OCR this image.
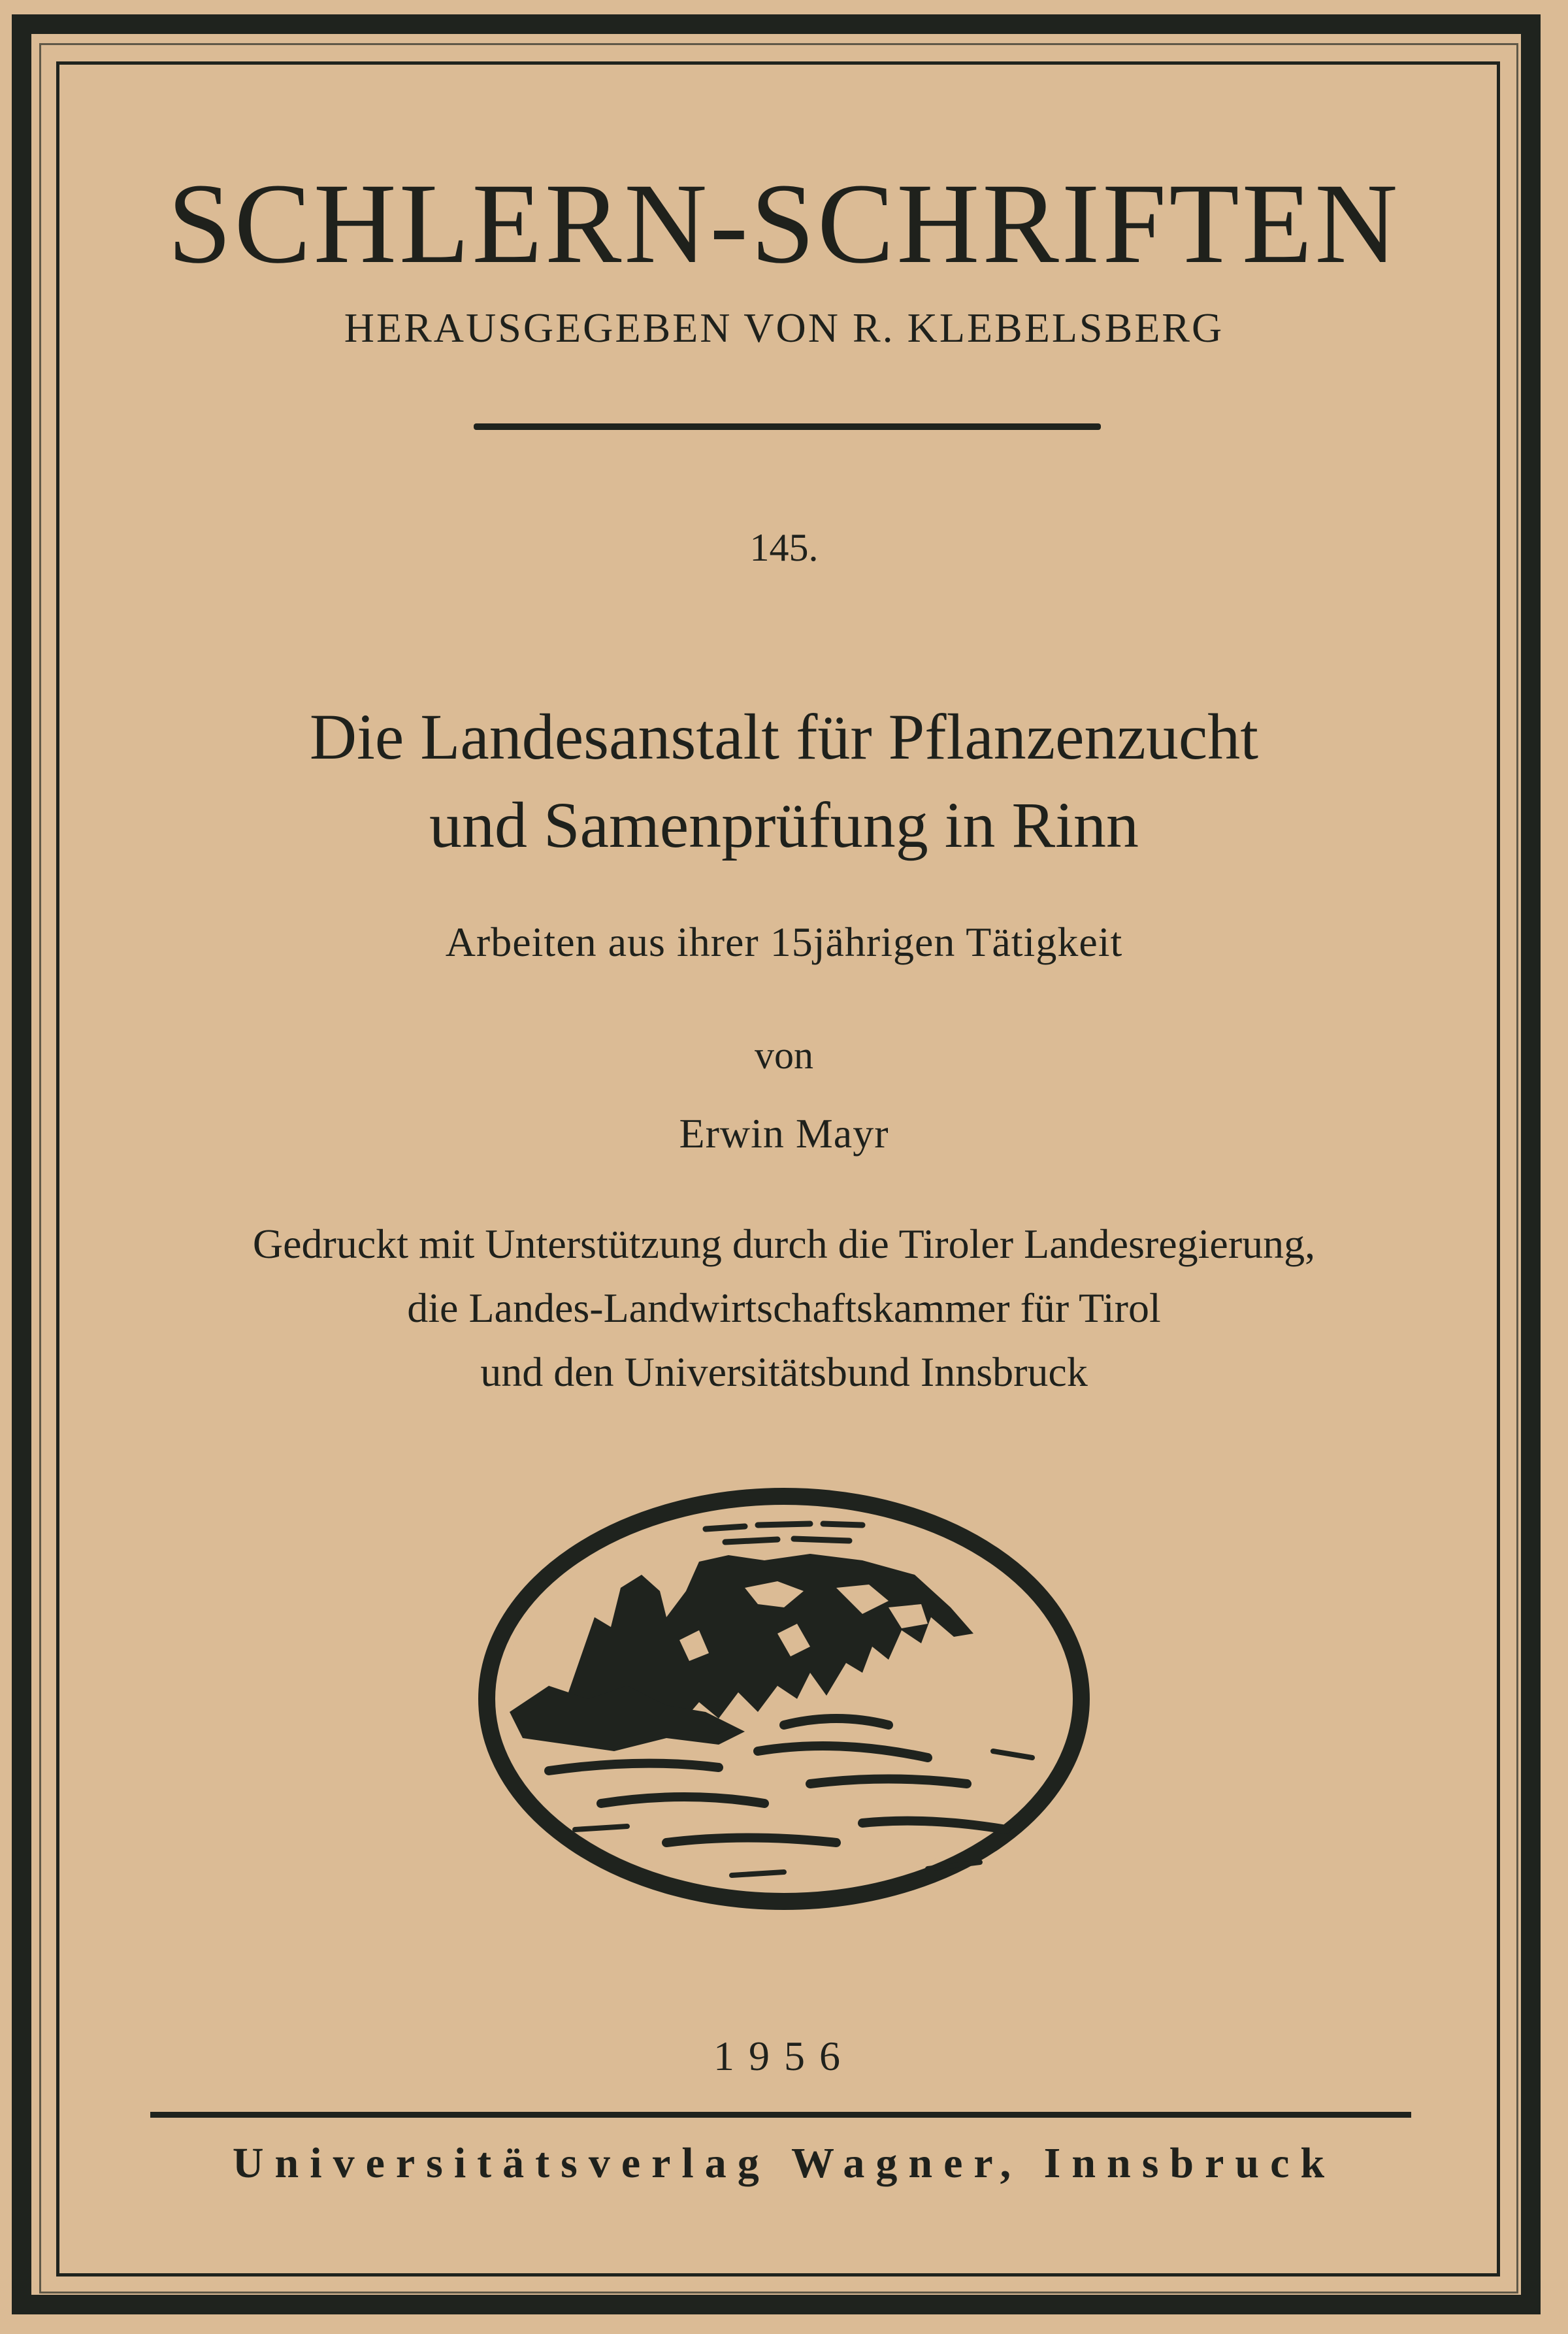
SCHLERN-SCHRIFTEN
HERAUSGEGEBEN VON R. KLEBELSBERG
145.
Die Landesanstalt für Pflanzenzucht
und Samenprüfung in Rinn
Arbeiten aus ihrer 15jährigen Tätigkeit
von
Erwin Mayr
Gedruckt mit Unterstützung durch die Tiroler Landesregierung,
die Landes-Landwirtschaftskammer für Tirol
und den Universitätsbund Innsbruck
1956
Universitätsverlag Wagner, Innsbruck
